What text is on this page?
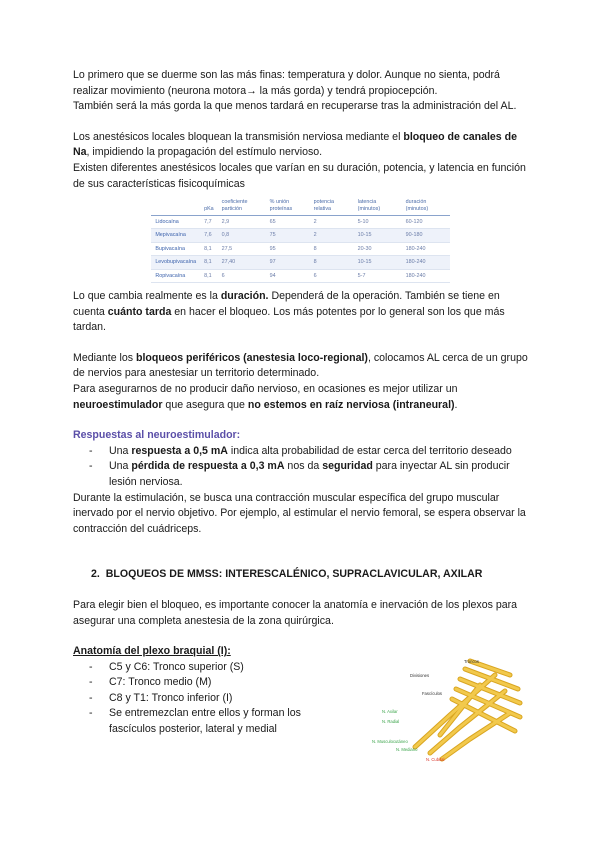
Lo primero que se duerme son las más finas: temperatura y dolor. Aunque no sienta, podrá realizar movimiento (neurona motora→ la más gorda) y tendrá propiocepción.
También será la más gorda la que menos tardará en recuperarse tras la administración del AL.

Los anestésicos locales bloquean la transmisión nerviosa mediante el bloqueo de canales de Na, impidiendo la propagación del estímulo nervioso.
Existen diferentes anestésicos locales que varían en su duración, potencia, y latencia en función de sus características fisicoquímicas

	pKa	coeficiente partición	% unión proteínas	potencia relativa	latencia (minutos)	duración (minutos)
Lidocaína	7,7	2,9	65	2	5-10	60-120
Mepivacaína	7,6	0,8	75	2	10-15	90-180
Bupivacaína	8,1	27,5	95	8	20-30	180-240
Levobupivacaína	8,1	27,40	97	8	10-15	180-240
Ropivacaína	8,1	6	94	6	5-7	180-240

Lo que cambia realmente es la duración. Dependerá de la operación. También se tiene en cuenta cuánto tarda en hacer el bloqueo. Los más potentes por lo general son los que más tardan.

Mediante los bloqueos periféricos (anestesia loco-regional), colocamos AL cerca de un grupo de nervios para anestesiar un territorio determinado.
Para asegurarnos de no producir daño nervioso, en ocasiones es mejor utilizar un neuroestimulador que asegura que no estemos en raíz nerviosa (intraneural).

Respuestas al neuroestimulador:

- Una respuesta a 0,5 mA indica alta probabilidad de estar cerca del territorio deseado
- Una pérdida de respuesta a 0,3 mA nos da seguridad para inyectar AL sin producir lesión nerviosa.

Durante la estimulación, se busca una contracción muscular específica del grupo muscular inervado por el nervio objetivo. Por ejemplo, al estimular el nervio femoral, se espera observar la contracción del cuádriceps.

2. BLOQUEOS DE MMSS: INTERESCALÉNICO, SUPRACLAVICULAR, AXILAR

Para elegir bien el bloqueo, es importante conocer la anatomía e inervación de los plexos para asegurar una completa anestesia de la zona quirúrgica.

Anatomía del plexo braquial (I):

- C5 y C6: Tronco superior (S)
- C7: Tronco medio (M)
- C8 y T1: Tronco inferior (I)
- Se entremezclan entre ellos y forman los fascículos posterior, lateral y medial
Troncos
Divisiones
Fascículos
N. Axilar
N. Radial
N. Musculocutáneo
N. Mediano
N. Cubital
